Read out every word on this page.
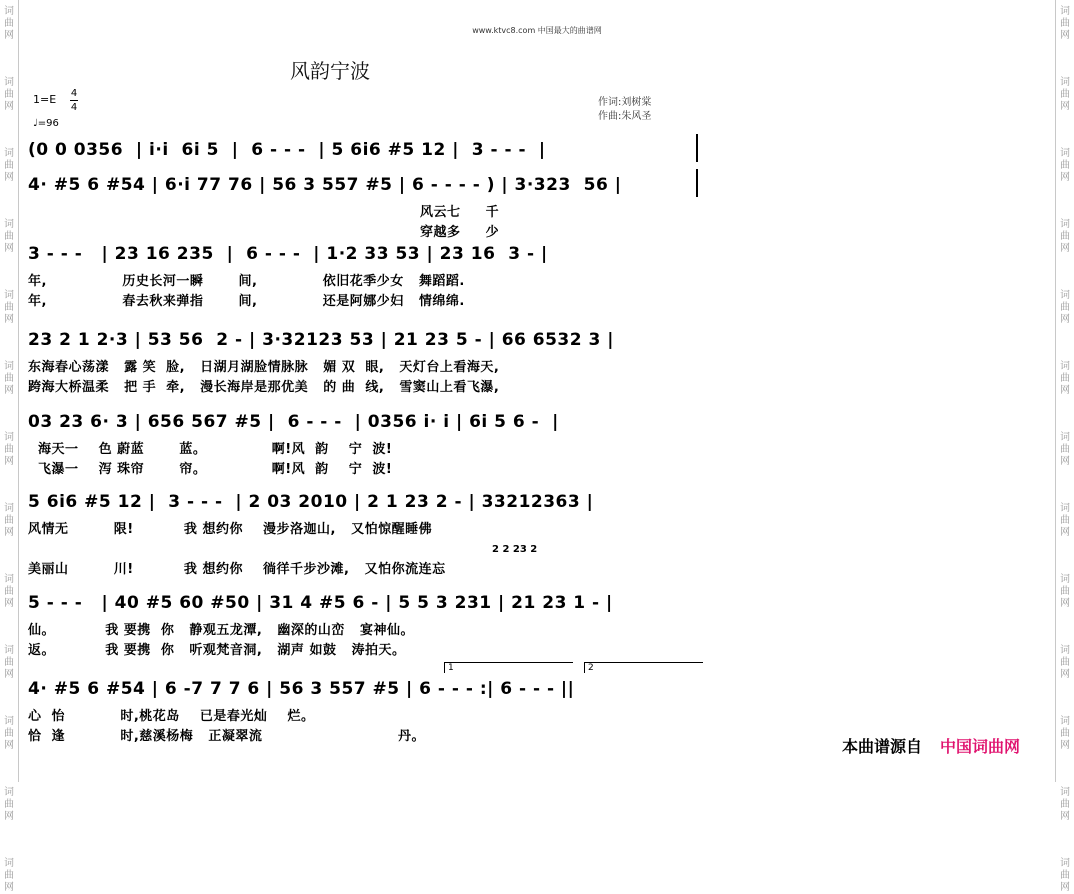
词
曲
网
词
曲
网
词
曲
网
词
曲
网
词
曲
网
词
曲
网
词
曲
网
词
曲
网
词
曲
网
词
曲
网
词
曲
网
词
曲
网
词
曲
网
词
曲
网
词
曲
网
词
曲
网
词
曲
网
词
曲
网
词
曲
网
词
曲
网
词
曲
网
词
曲
网
词
曲
网
词
曲
网
词
曲
网
词
曲
网
www.ktvc8.com 中国最大的曲谱网
风韵宁波
1=E 4
4
♩=96
作词:刘树棠
作曲:朱风圣
(0 0 0356  | i·i  6i 5  |  6 - - -  | 5 6i6 #5 12 |  3 - - -  |
4· #5 6 #54 | 6·i 77 76 | 56 3 557 #5 | 6 - - - - ) | 3·323  56 |
风云七     千
穿越多     少
3 - - -   | 23 16 235  |  6 - - -  | 1·2 33 53 | 23 16  3 - |
年,               历史长河一瞬       间,             依旧花季少女   舞蹈蹈.
年,               春去秋来弹指       间,             还是阿娜少妇   情绵绵.
23 2 1 2·3 | 53 56  2 - | 3·32123 53 | 21 23 5 - | 66 6532 3 |
东海春心荡漾   露 笑  脸,   日湖月湖脸情脉脉   媚 双  眼,   天灯台上看海天,
跨海大桥温柔   把 手  牵,   漫长海岸是那优美   的 曲  线,   雪窦山上看飞瀑,
03 23 6· 3 | 656 567 #5 |  6 - - -  | 0356 i· i | 6i 5 6 -  |
海天一    色 蔚蓝       蓝。             啊!风  韵    宁  波!
飞瀑一    泻 珠帘       帘。             啊!风  韵    宁  波!
5 6i6 #5 12 |  3 - - -  | 2 03 2010 | 2 1 23 2 - | 33212363 |
风情无         限!          我 想约你    漫步洛迦山,   又怕惊醒睡佛
美丽山         川!          我 想约你    徜徉千步沙滩,   又怕你流连忘
2 2 23 2
5 - - -   | 40 #5 60 #50 | 31 4 #5 6 - | 5 5 3 231 | 21 23 1 - |
仙。          我 要携  你   静观五龙潭,   幽深的山峦   宴神仙。
返。          我 要携  你   听观梵音洞,   湖声 如鼓   涛拍天。
4· #5 6 #54 | 6 -7 7 7 6 | 56 3 557 #5 | 6 - - - :| 6 - - - ||
心  怡           时,桃花岛    已是春光灿    烂。
恰  逢           时,慈溪杨梅   正凝翠流                           丹。
1	2
本曲谱源自 中国词曲网
